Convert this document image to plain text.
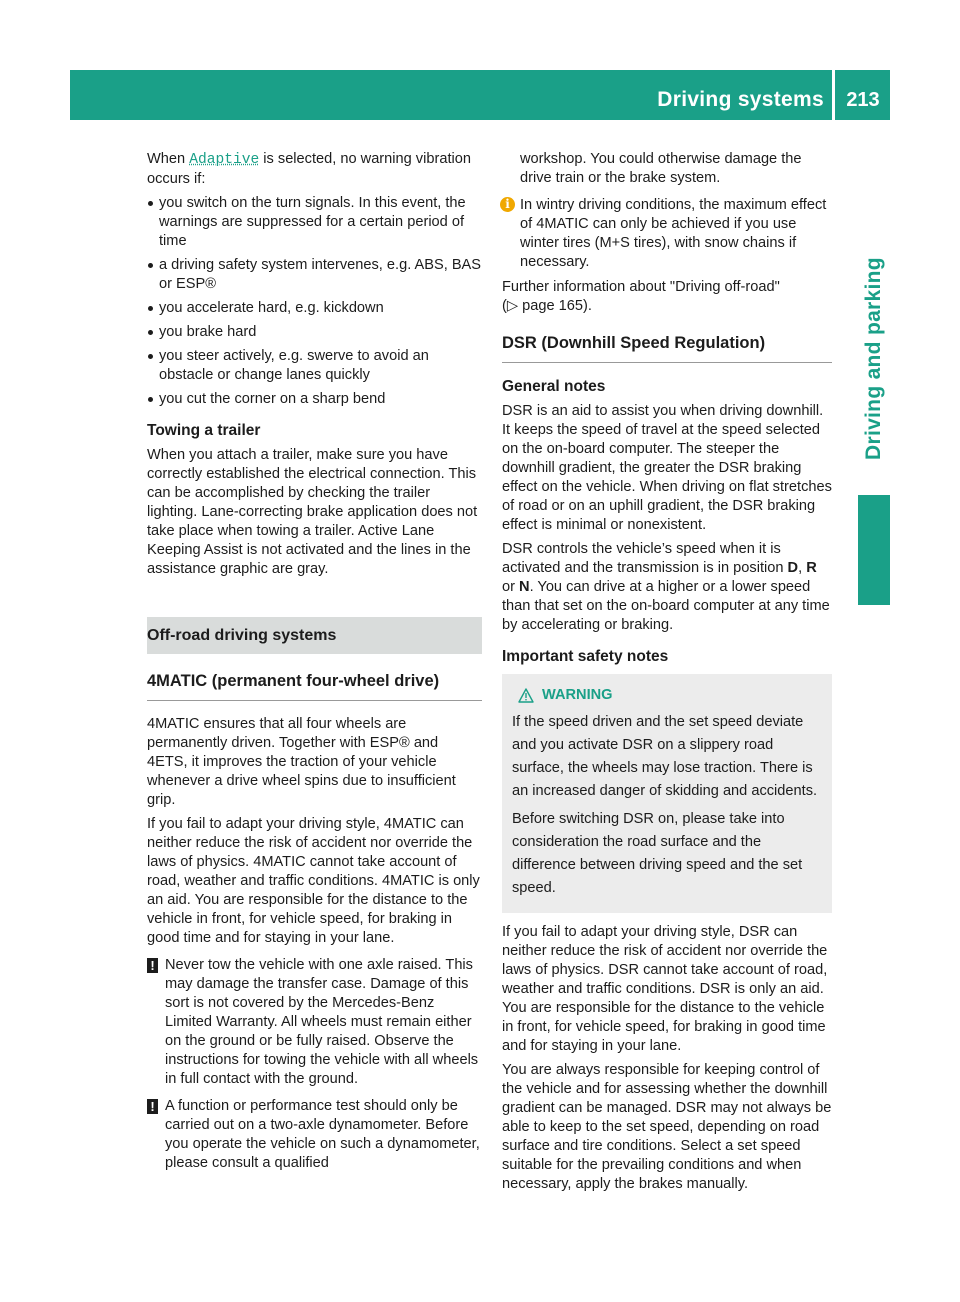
Driving systems	213
Driving and parking

When Adaptive is selected, no warning vibration occurs if:

you switch on the turn signals. In this event, the warnings are suppressed for a certain period of time
a driving safety system intervenes, e.g. ABS, BAS or ESP®
you accelerate hard, e.g. kickdown
you brake hard
you steer actively, e.g. swerve to avoid an obstacle or change lanes quickly
you cut the corner on a sharp bend
Towing a trailer

When you attach a trailer, make sure you have correctly established the electrical connection. This can be accomplished by checking the trailer lighting. Lane-correcting brake application does not take place when towing a trailer. Active Lane Keeping Assist is not activated and the lines in the assistance graphic are gray.

Off-road driving systems
4MATIC (permanent four-wheel drive)

4MATIC ensures that all four wheels are permanently driven. Together with ESP® and 4ETS, it improves the traction of your vehicle whenever a drive wheel spins due to insufficient grip.

If you fail to adapt your driving style, 4MATIC can neither reduce the risk of accident nor override the laws of physics. 4MATIC cannot take account of road, weather and traffic conditions. 4MATIC is only an aid. You are responsible for the distance to the vehicle in front, for vehicle speed, for braking in good time and for staying in your lane.

! Never tow the vehicle with one axle raised. This may damage the transfer case. Damage of this sort is not covered by the Mercedes-Benz Limited Warranty. All wheels must remain either on the ground or be fully raised. Observe the instructions for towing the vehicle with all wheels in full contact with the ground.
! A function or performance test should only be carried out on a two-axle dynamometer. Before you operate the vehicle on such a dynamometer, please consult a qualified

workshop. You could otherwise damage the drive train or the brake system.

i In wintry driving conditions, the maximum effect of 4MATIC can only be achieved if you use winter tires (M+S tires), with snow chains if necessary.

Further information about "Driving off-road"
(▷ page 165).

DSR (Downhill Speed Regulation)
General notes

DSR is an aid to assist you when driving downhill. It keeps the speed of travel at the speed selected on the on-board computer. The steeper the downhill gradient, the greater the DSR braking effect on the vehicle. When driving on flat stretches of road or on an uphill gradient, the DSR braking effect is minimal or nonexistent.

DSR controls the vehicle’s speed when it is activated and the transmission is in position D, R or N. You can drive at a higher or a lower speed than that set on the on-board computer at any time by accelerating or braking.

Important safety notes
WARNING

If the speed driven and the set speed deviate and you activate DSR on a slippery road surface, the wheels may lose traction. There is an increased danger of skidding and accidents.

Before switching DSR on, please take into consideration the road surface and the difference between driving speed and the set speed.

If you fail to adapt your driving style, DSR can neither reduce the risk of accident nor override the laws of physics. DSR cannot take account of road, weather and traffic conditions. DSR is only an aid. You are responsible for the distance to the vehicle in front, for vehicle speed, for braking in good time and for staying in your lane.

You are always responsible for keeping control of the vehicle and for assessing whether the downhill gradient can be managed. DSR may not always be able to keep to the set speed, depending on road surface and tire conditions. Select a set speed suitable for the prevailing conditions and when necessary, apply the brakes manually.
